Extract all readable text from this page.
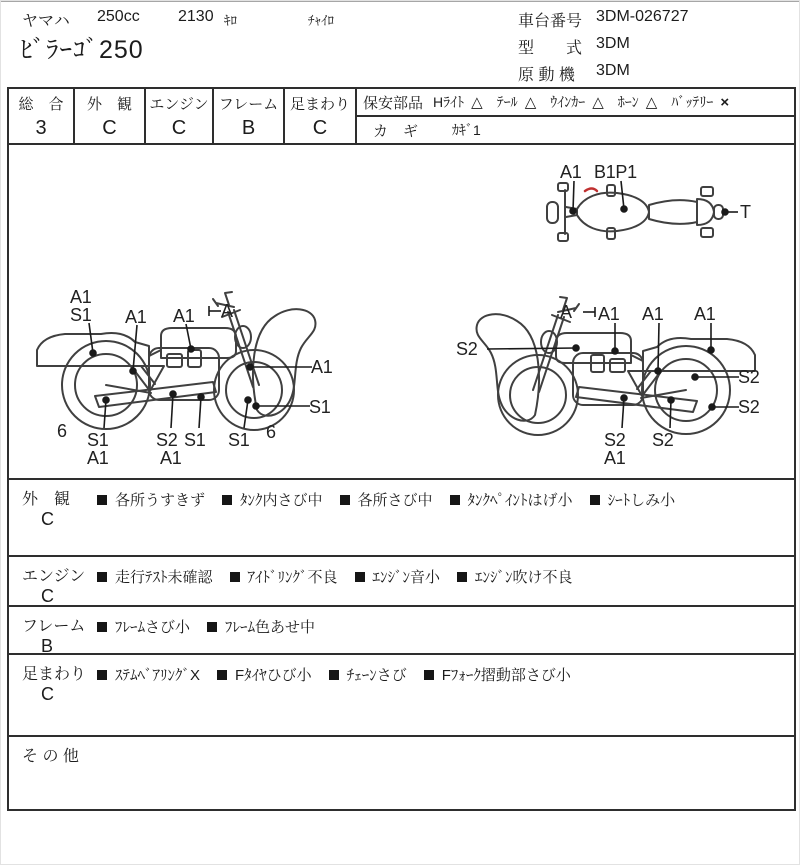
ヤマハ 250cc 2130 ｷﾛ	ﾁｬｲﾛ
ﾋﾞﾗｰｺﾞ250
車台番号 3DM-026727
型　　式 3DM
原 動 機 3DM
総　合
3
外　観
C
エンジン
C
フレーム
B
足まわり
C
保安部品 Hﾗｲﾄ △ ﾃｰﾙ △ ｳｲﾝｶｰ △ ﾎｰﾝ △ ﾊﾞｯﾃﾘｰ ×
カ　ギ ｶｷﾞ1
A1
S1 A1 A1 A
A1
S1
6 S1
A1
S2 S1
A1
S1 6
S2
A A1 A1 A1
S2
S2
S2
A1
S2
A1 B1P1
T
外　観
C
各所うすきず ﾀﾝｸ内さび中 各所さび中 ﾀﾝｸﾍﾟｲﾝﾄはげ小 ｼｰﾄしみ小
エンジン
C
走行ﾃｽﾄ未確認 ｱｲﾄﾞﾘﾝｸﾞ不良 ｴﾝｼﾞﾝ音小 ｴﾝｼﾞﾝ吹け不良
フレーム
B
ﾌﾚｰﾑさび小 ﾌﾚｰﾑ色あせ中
足まわり
C
ｽﾃﾑﾍﾞｱﾘﾝｸﾞX Fﾀｲﾔひび小 ﾁｪｰﾝさび Fﾌｫｰｸ摺動部さび小
そ の 他
